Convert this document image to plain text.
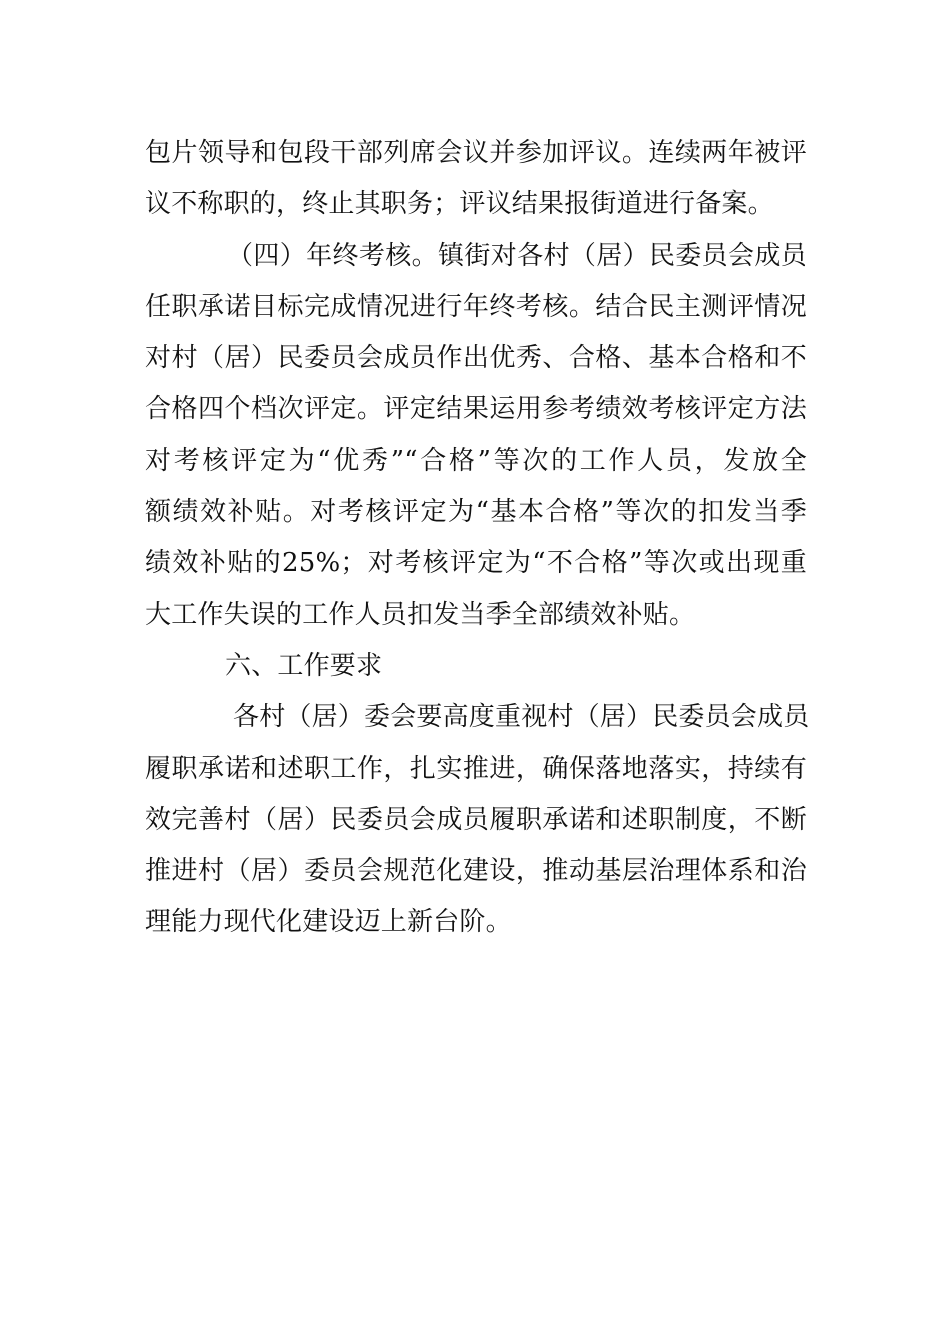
包片领导和包段干部列席会议并参加评议。连续两年被评
议不称职的，终止其职务；评议结果报街道进行备案。
（四）年终考核。镇街对各村（居）民委员会成员
任职承诺目标完成情况进行年终考核。结合民主测评情况
对村（居）民委员会成员作出优秀、合格、基本合格和不
合格四个档次评定。评定结果运用参考绩效考核评定方法
对考核评定为“优秀”“合格”等次的工作人员，发放全
额绩效补贴。对考核评定为“基本合格”等次的扣发当季
绩效补贴的25%；对考核评定为“不合格”等次或出现重
大工作失误的工作人员扣发当季全部绩效补贴。
六、工作要求
各村（居）委会要高度重视村（居）民委员会成员
履职承诺和述职工作，扎实推进，确保落地落实，持续有
效完善村（居）民委员会成员履职承诺和述职制度，不断
推进村（居）委员会规范化建设，推动基层治理体系和治
理能力现代化建设迈上新台阶。
